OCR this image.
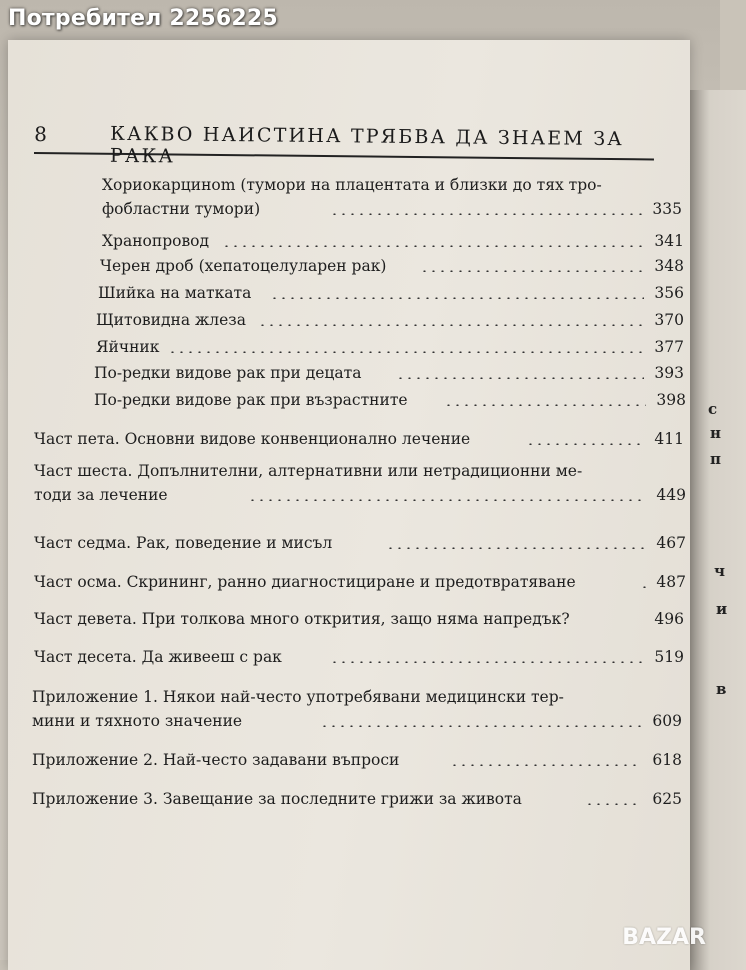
с
н
п
ч
и
в
8	КАКВО НАИСТИНА ТРЯБВА ДА ЗНАЕМ ЗА РАКА
Хориокарциноm (тумори на плацентата и близки до тях тро-
фобластни тумори)	335
Хранопровод	341
Черен дроб (хепатоцелуларен рак)	348
Шийка на матката	356
Щитовидна жлеза	370
Яйчник	377
По-редки видове рак при децата	393
По-редки видове рак при възрастните	398
Част пета. Основни видове конвенционално лечение	411
Част шеста. Допълнителни, алтернативни или нетрадиционни ме-
тоди за лечение	449
Част седма. Рак, поведение и мисъл	467
Част осма. Скрининг, ранно диагностициране и предотвратяване	487
Част девета. При толкова много открития, защо няма напредък?	496
Част десета. Да живееш с рак	519
Приложение 1. Някои най-често употребявани медицински тер-
мини и тяхното значение	609
Приложение 2. Най-често задавани въпроси	618
Приложение 3. Завещание за последните грижи за живота	625
Потребител 2256225
BAZAR
